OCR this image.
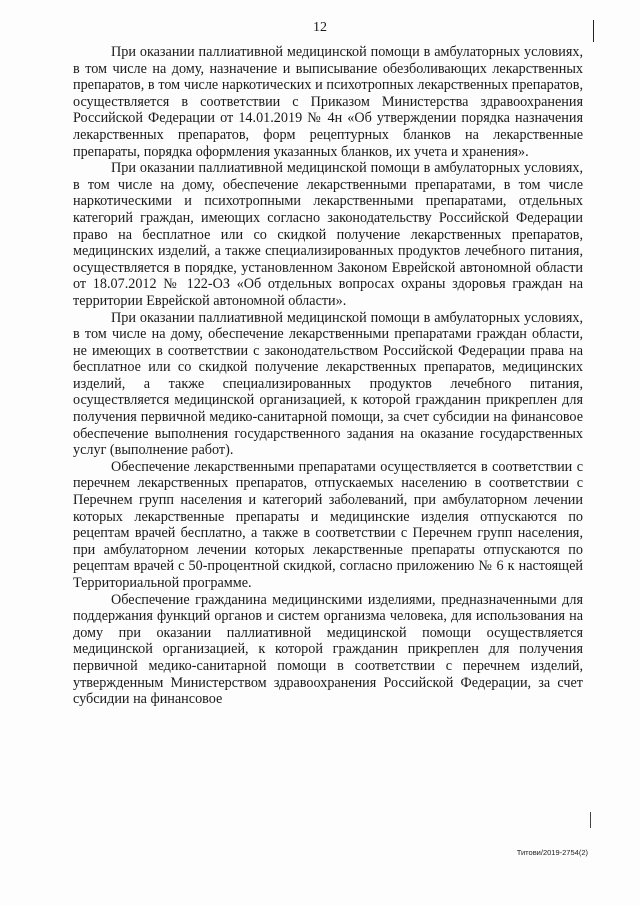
12

При оказании паллиативной медицинской помощи в амбулаторных условиях, в том числе на дому, назначение и выписывание обезболивающих лекарственных препаратов, в том числе наркотических и психотропных лекарственных препаратов, осуществляется в соответствии с Приказом Министерства здравоохранения Российской Федерации от 14.01.2019 № 4н «Об утверждении порядка назначения лекарственных препаратов, форм рецептурных бланков на лекарственные препараты, порядка оформления указанных бланков, их учета и хранения».

При оказании паллиативной медицинской помощи в амбулаторных условиях, в том числе на дому, обеспечение лекарственными препаратами, в том числе наркотическими и психотропными лекарственными препаратами, отдельных категорий граждан, имеющих согласно законодательству Российской Федерации право на бесплатное или со скидкой получение лекарственных препаратов, медицинских изделий, а также специализированных продуктов лечебного питания, осуществляется в порядке, установленном Законом Еврейской автономной области от 18.07.2012 № 122-ОЗ «Об отдельных вопросах охраны здоровья граждан на территории Еврейской автономной области».

При оказании паллиативной медицинской помощи в амбулаторных условиях, в том числе на дому, обеспечение лекарственными препаратами граждан области, не имеющих в соответствии с законодательством Российской Федерации права на бесплатное или со скидкой получение лекарственных препаратов, медицинских изделий, а также специализированных продуктов лечебного питания, осуществляется медицинской организацией, к которой гражданин прикреплен для получения первичной медико-санитарной помощи, за счет субсидии на финансовое обеспечение выполнения государственного задания на оказание государственных услуг (выполнение работ).

Обеспечение лекарственными препаратами осуществляется в соответствии с перечнем лекарственных препаратов, отпускаемых населению в соответствии с Перечнем групп населения и категорий заболеваний, при амбулаторном лечении которых лекарственные препараты и медицинские изделия отпускаются по рецептам врачей бесплатно, а также в соответствии с Перечнем групп населения, при амбулаторном лечении которых лекарственные препараты отпускаются по рецептам врачей с 50-процентной скидкой, согласно приложению № 6 к настоящей Территориальной программе.

Обеспечение гражданина медицинскими изделиями, предназначенными для поддержания функций органов и систем организма человека, для использования на дому при оказании паллиативной медицинской помощи осуществляется медицинской организацией, к которой гражданин прикреплен для получения первичной медико-санитарной помощи в соответствии с перечнем изделий, утвержденным Министерством здравоохранения Российской Федерации, за счет субсидии на финансовое

Титови/2019-2754(2)
